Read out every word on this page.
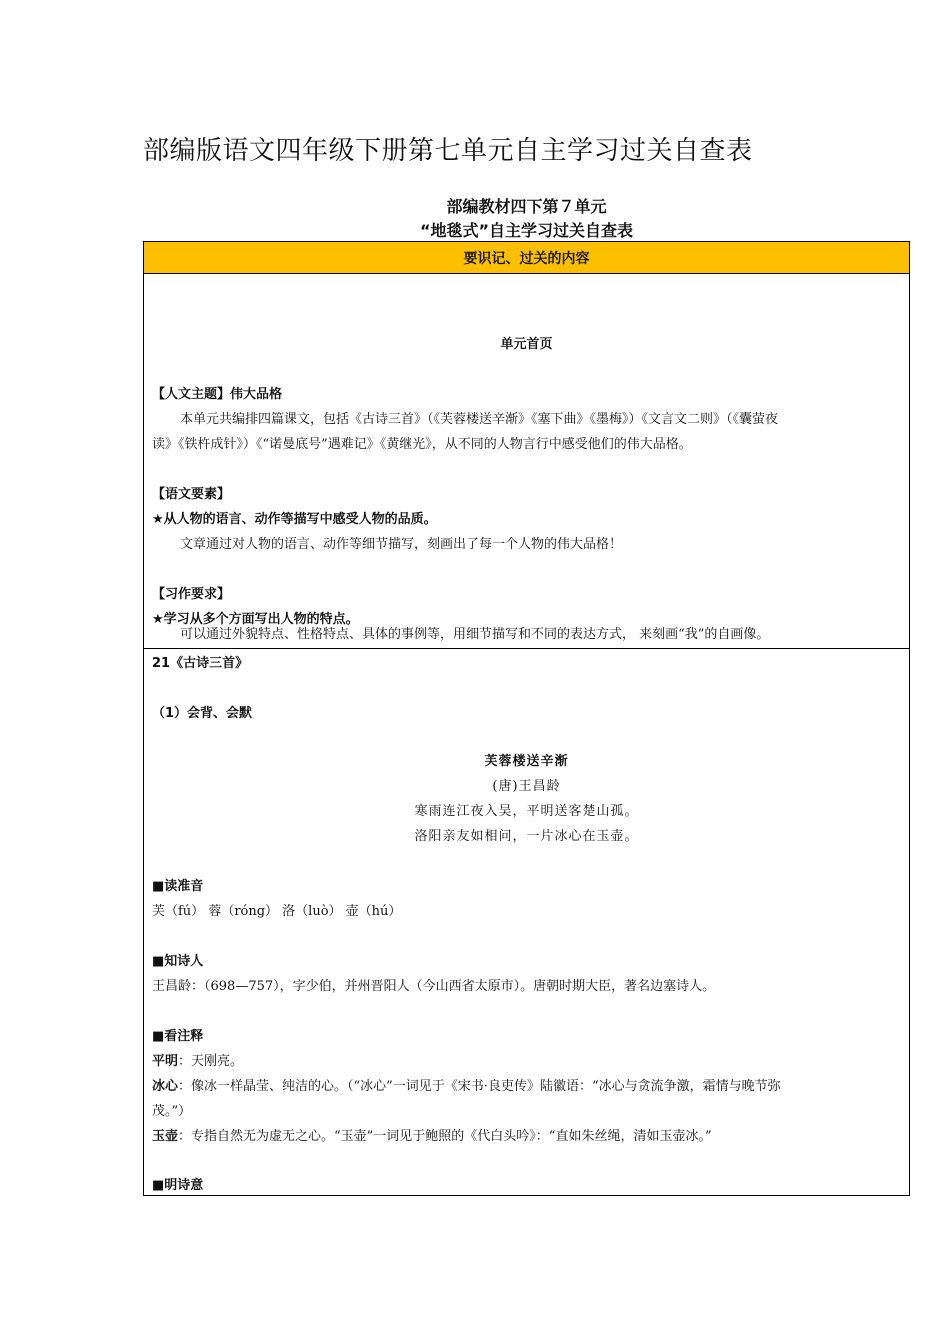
部编版语文四年级下册第七单元自主学习过关自查表
部编教材四下第７单元
“地毯式”自主学习过关自查表
要识记、过关的内容
单元首页
【人文主题】伟大品格
本单元共编排四篇课文，包括《古诗三首》（《芙蓉楼送辛渐》《塞下曲》《墨梅》）《文言文二则》（《囊萤夜
读》《铁杵成针》）《“诺曼底号”遇难记》《黄继光》，从不同的人物言行中感受他们的伟大品格。
【语文要素】
★从人物的语言、动作等描写中感受人物的品质。
文章通过对人物的语言、动作等细节描写，刻画出了每一个人物的伟大品格！
【习作要求】
★学习从多个方面写出人物的特点。
可以通过外貌特点、性格特点、具体的事例等，用细节描写和不同的表达方式， 来刻画“我”的自画像。
21《古诗三首》
（1）会背、会默
芙蓉楼送辛渐
(唐)王昌龄
寒雨连江夜入吴，平明送客楚山孤。
洛阳亲友如相问，一片冰心在玉壶。
■读准音
芙（fú） 蓉（róng） 洛（luò） 壶（hú）
■知诗人
王昌龄：（698—757），字少伯，并州晋阳人（今山西省太原市）。唐朝时期大臣，著名边塞诗人。
■看注释
平明：天刚亮。
冰心：像冰一样晶莹、纯洁的心。（“冰心”一词见于《宋书·良吏传》陆徽语：“冰心与贪流争激，霜情与晚节弥
茂。”）
玉壶：专指自然无为虚无之心。“玉壶”一词见于鲍照的《代白头吟》：“直如朱丝绳，清如玉壶冰。”
■明诗意
